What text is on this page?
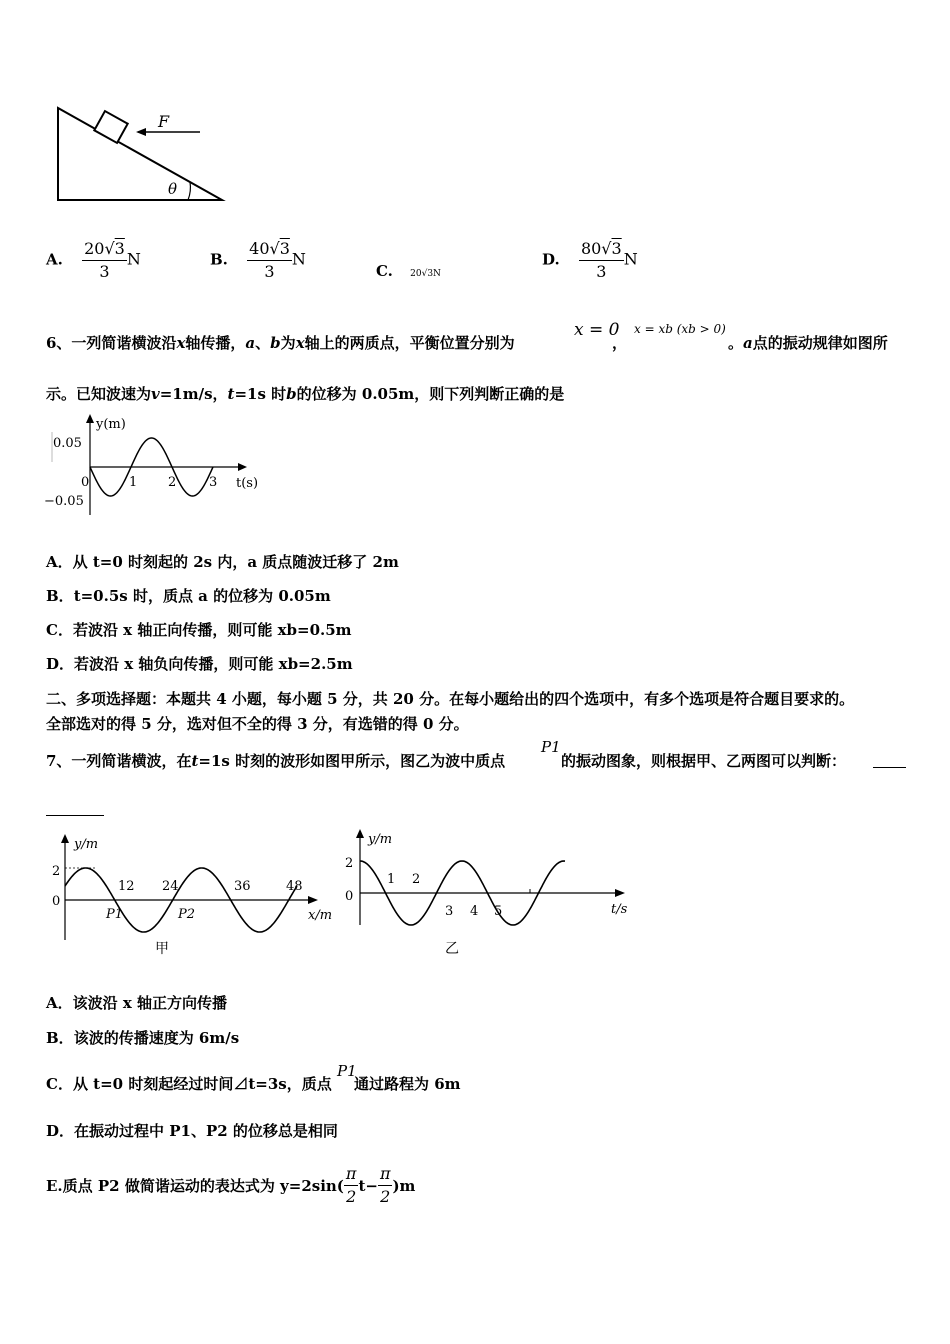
F
θ
A. $\frac{20√3}{3}$ N	B. $\frac{40√3}{3}$ N
C. 20√3N
D. $\frac{80√3}{3}$ N
6、一列简谐横波沿x轴传播，a、b为x轴上的两质点，平衡位置分别为
x = 0
，
x = xb (xb > 0)
。a点的振动规律如图所
示。已知波速为v=1m/s，t=1s 时b的位移为 0.05m，则下列判断正确的是
y(m)
t(s)
0.05
−0.05
0	1 2	3
A．从 t=0 时刻起的 2s 内，a 质点随波迁移了 2m
B．t=0.5s 时，质点 a 的位移为 0.05m
C．若波沿 x 轴正向传播，则可能 xb=0.5m
D．若波沿 x 轴负向传播，则可能 xb=2.5m
二、多项选择题：本题共 4 小题，每小题 5 分，共 20 分。在每小题给出的四个选项中，有多个选项是符合题目要求的。
全部选对的得 5 分，选对但不全的得 3 分，有选错的得 0 分。
7、一列简谐横波，在t=1s 时刻的波形如图甲所示，图乙为波中质点
P1
的振动图象，则根据甲、乙两图可以判断：
y/m
x/m
2
0
12 24	36	48
P1	P2
甲
y/m
t/s
2
0
1 2
3 4 5
乙
A．该波沿 x 轴正方向传播
B．该波的传播速度为 6m/s
C．从 t=0 时刻起经过时间⊿t=3s，质点
P1
通过路程为 6m
D．在振动过程中 P1、P2 的位移总是相同
E. 质点 P2 做简谐运动的表达式为 $y=2\sin( \frac{\pi}{2} t- \frac{\pi}{2} )m$
